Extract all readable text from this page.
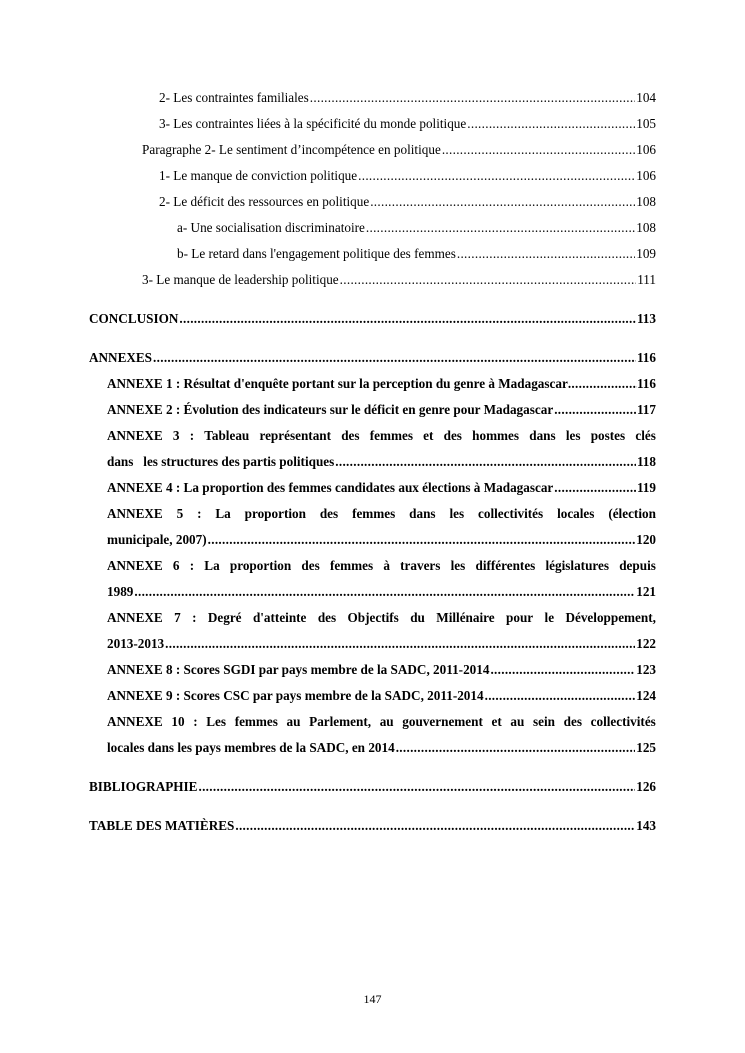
2- Les contraintes familiales .....	104
3- Les contraintes liées à la spécificité du monde politique .....	105
Paragraphe 2- Le sentiment d’incompétence en politique .....	106
1- Le manque de conviction politique .....	106
2- Le déficit des ressources en politique .....	108
a- Une socialisation discriminatoire .....	108
b- Le retard dans l'engagement politique des femmes .....	109
3- Le manque de leadership politique .....	111
CONCLUSION .....	113
ANNEXES .....	116
ANNEXE 1 : Résultat d'enquête portant sur la perception du genre à Madagascar .....	116
ANNEXE 2 : Évolution des indicateurs sur le déficit en genre pour Madagascar .....	117
ANNEXE 3 : Tableau représentant des femmes et des hommes dans les postes clés
dans   les structures des partis politiques .....	118
ANNEXE 4 : La proportion des femmes candidates aux élections à Madagascar .....	119
ANNEXE 5 : La proportion des femmes dans les collectivités locales (élection
municipale, 2007) .....	120
ANNEXE 6 : La proportion des femmes à travers les différentes législatures depuis
1989 .....	121
ANNEXE 7 : Degré d'atteinte des Objectifs du Millénaire pour le Développement,
2013-2013 .....	122
ANNEXE 8 : Scores SGDI par pays membre de la SADC, 2011-2014 .....	123
ANNEXE 9 : Scores CSC par pays membre de la SADC, 2011-2014 .....	124
ANNEXE 10 : Les femmes au Parlement, au gouvernement et au sein des collectivités
locales dans les pays membres de la SADC, en 2014 .....	125
BIBLIOGRAPHIE .....	126
TABLE DES MATIÈRES .....	143
147
